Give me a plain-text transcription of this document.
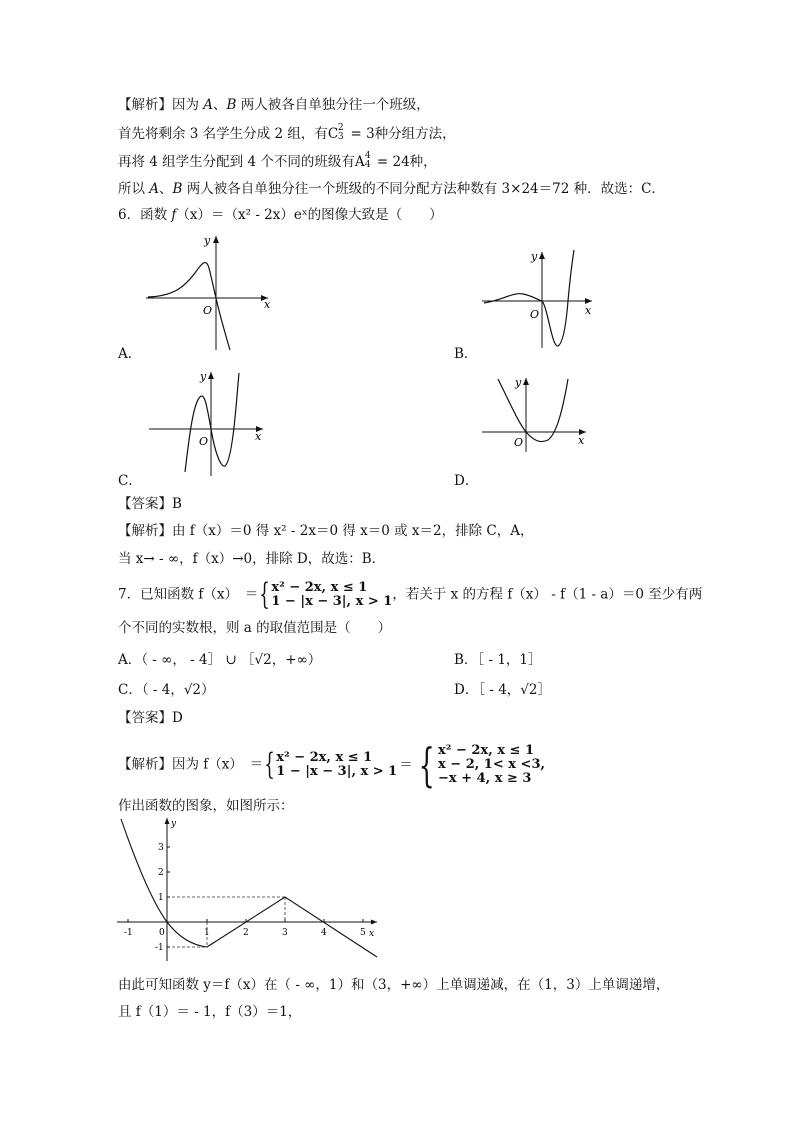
【解析】因为 A、B 两人被各自单独分往一个班级，
首先将剩余 3 名学生分成 2 组，有C 2
3 = 3种分组方法，
再将 4 组学生分配到 4 个不同的班级有A 4
4 = 24种，
所以 A、B 两人被各自单独分往一个班级的不同分配方法种数有 3×24＝72 种．故选：C．
6．函数 f（x）＝（x² - 2x）eˣ的图像大致是（　　）
x
y
O
A．
x
y
O
B．
x
y
O
C．
x
y
O
D．
【答案】B
【解析】由 f（x）＝0 得 x² - 2x＝0 得 x＝0 或 x＝2，排除 C，A，
当 x→ - ∞，f（x）→0，排除 D，故选：B．
7．已知函数 f（x）　＝{ x² − 2x, x ≤ 1
1 − |x − 3|, x > 1 ，若关于 x 的方程 f（x） - f（1 - a）＝0 至少有两
个不同的实数根，则 a 的取值范围是（　　）
A．（ - ∞， - 4］ ∪ ［√2，+∞）	B．［ - 1，1］
C．（ - 4，√2）	D．［ - 4，√2］
【答案】D
【解析】因为 f（x）　＝{ x² − 2x, x ≤ 1
1 − |x − 3|, x > 1 ＝ { x² − 2x, x ≤ 1
x − 2, 1< x <3,
−x + 4, x ≥ 3
作出函数的图象，如图所示：
-1	0	1	2	3	4	5
3
2
1
-1
x
y
由此可知函数 y＝f（x）在（ - ∞，1）和（3，+∞）上单调递减，在（1，3）上单调递增，
且 f（1）＝ - 1，f（3）＝1，
